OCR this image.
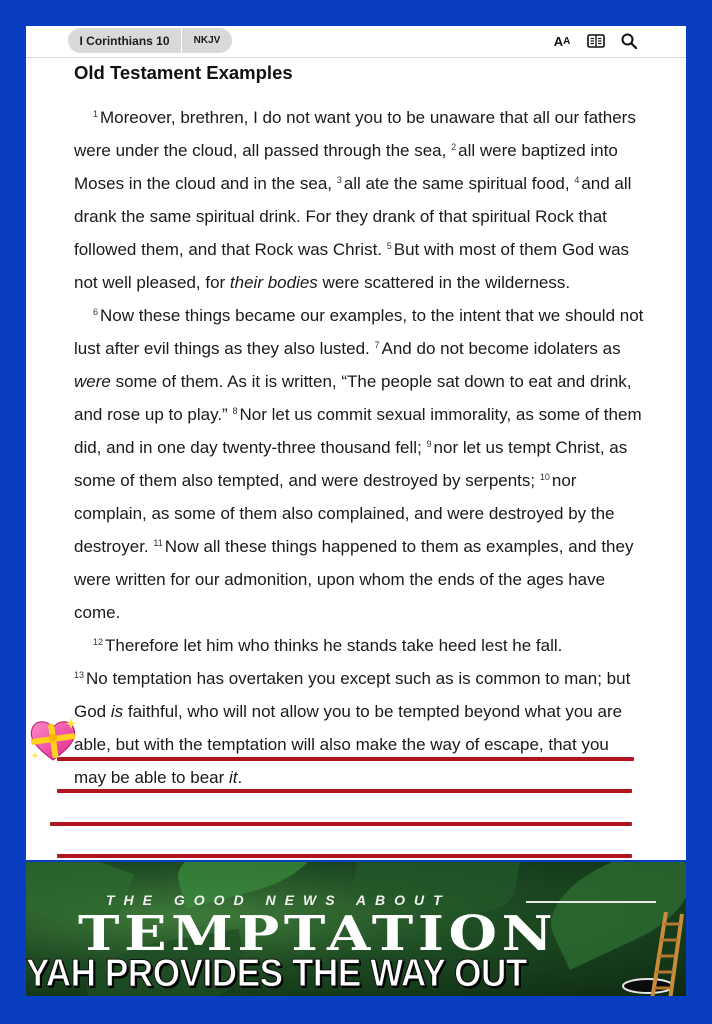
I Corinthians 10	NKJV	A A
Old Testament Examples

$^1$ Moreover, brethren, I do not want you to be unaware that all our fathers were under the cloud, all passed through the sea, $^2$ all were baptized into Moses in the cloud and in the sea, $^3$ all ate the same spiritual food, $^4$ and all drank the same spiritual drink. For they drank of that spiritual Rock that followed them, and that Rock was Christ. $^5$ But with most of them God was not well pleased, for their bodies were scattered in the wilderness.

$^6$ Now these things became our examples, to the intent that we should not lust after evil things as they also lusted. $^7$ And do not become idolaters as were some of them. As it is written, “The people sat down to eat and drink, and rose up to play.” $^8$ Nor let us commit sexual immorality, as some of them did, and in one day twenty-three thousand fell; $^9$ nor let us tempt Christ, as some of them also tempted, and were destroyed by serpents; $^{10}$ nor complain, as some of them also complained, and were destroyed by the destroyer. $^{11}$ Now all these things happened to them as examples, and they were written for our admonition, upon whom the ends of the ages have come.

$^{12}$ Therefore let him who thinks he stands take heed lest he fall.

$^{13}$ No temptation has overtaken you except such as is common to man; but God is faithful, who will not allow you to be tempted beyond what you are able, but with the temptation will also make the way of escape, that you may be able to bear it.

THE GOOD NEWS ABOUT

TEMPTATION

YAH PROVIDES THE WAY OUT
